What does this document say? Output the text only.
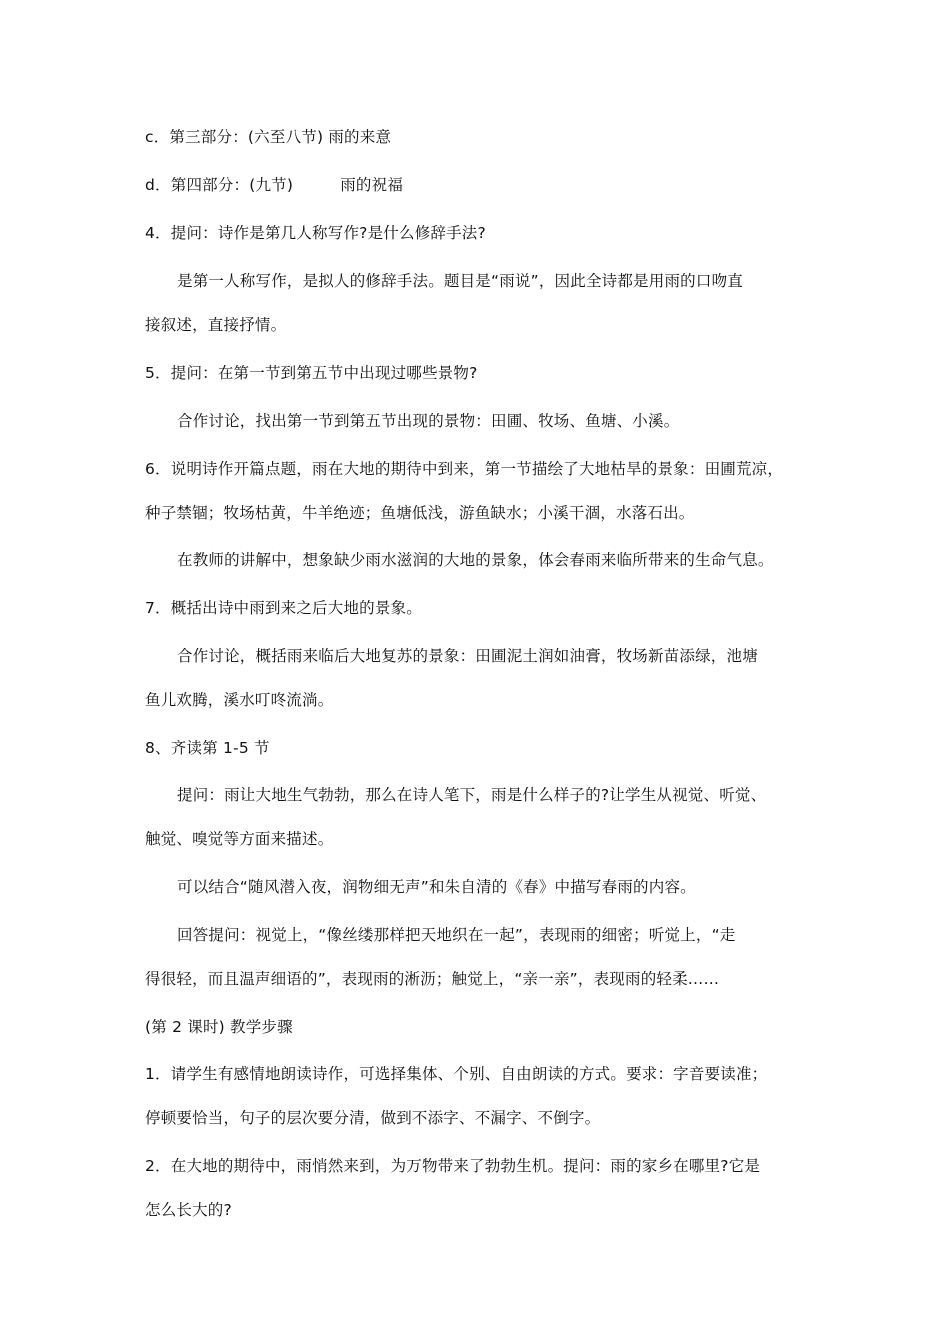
c．第三部分：(六至八节) 雨的来意
d．第四部分：(九节)　　　雨的祝福
4．提问：诗作是第几人称写作?是什么修辞手法?
是第一人称写作，是拟人的修辞手法。题目是“雨说”，因此全诗都是用雨的口吻直
接叙述，直接抒情。
5．提问：在第一节到第五节中出现过哪些景物?
合作讨论，找出第一节到第五节出现的景物：田圃、牧场、鱼塘、小溪。
6．说明诗作开篇点题，雨在大地的期待中到来，第一节描绘了大地枯旱的景象：田圃荒凉，
种子禁锢；牧场枯黄，牛羊绝迹；鱼塘低浅，游鱼缺水；小溪干涸，水落石出。
在教师的讲解中，想象缺少雨水滋润的大地的景象，体会春雨来临所带来的生命气息。
7．概括出诗中雨到来之后大地的景象。
合作讨论，概括雨来临后大地复苏的景象：田圃泥土润如油膏，牧场新苗添绿，池塘
鱼儿欢腾，溪水叮咚流淌。
8、齐读第 1-5 节
提问：雨让大地生气勃勃，那么在诗人笔下，雨是什么样子的?让学生从视觉、听觉、
触觉、嗅觉等方面来描述。
可以结合“随风潜入夜，润物细无声”和朱自清的《春》中描写春雨的内容。
回答提问：视觉上，“像丝缕那样把天地织在一起”，表现雨的细密；听觉上，“走
得很轻，而且温声细语的”，表现雨的淅沥；触觉上，“亲一亲”，表现雨的轻柔……
(第 2 课时) 教学步骤
1．请学生有感情地朗读诗作，可选择集体、个别、自由朗读的方式。要求：字音要读准；
停顿要恰当，句子的层次要分清，做到不添字、不漏字、不倒字。
2．在大地的期待中，雨悄然来到，为万物带来了勃勃生机。提问：雨的家乡在哪里?它是
怎么长大的?
